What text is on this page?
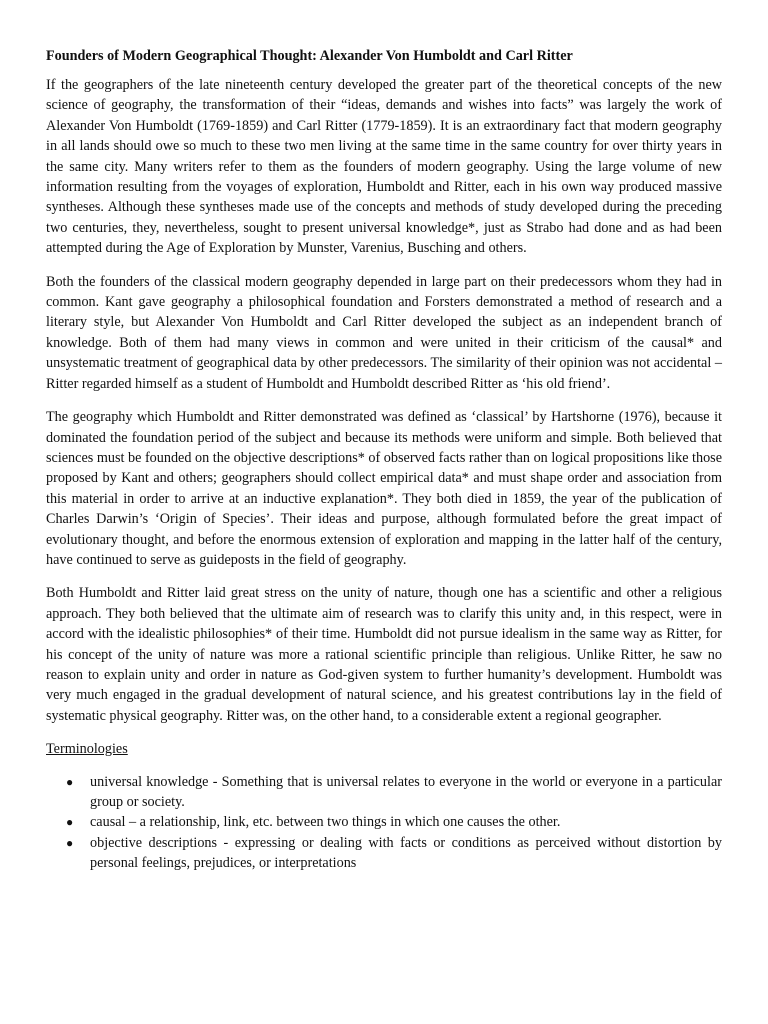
Founders of Modern Geographical Thought: Alexander Von Humboldt and Carl Ritter

If the geographers of the late nineteenth century developed the greater part of the theoretical concepts of the new science of geography, the transformation of their “ideas, demands and wishes into facts” was largely the work of Alexander Von Humboldt (1769-1859) and Carl Ritter (1779-1859). It is an extraordinary fact that modern geography in all lands should owe so much to these two men living at the same time in the same country for over thirty years in the same city. Many writers refer to them as the founders of modern geography. Using the large volume of new information resulting from the voyages of exploration, Humboldt and Ritter, each in his own way produced massive syntheses. Although these syntheses made use of the concepts and methods of study developed during the preceding two centuries, they, nevertheless, sought to present universal knowledge*, just as Strabo had done and as had been attempted during the Age of Exploration by Munster, Varenius, Busching and others.

Both the founders of the classical modern geography depended in large part on their predecessors whom they had in common. Kant gave geography a philosophical foundation and Forsters demonstrated a method of research and a literary style, but Alexander Von Humboldt and Carl Ritter developed the subject as an independent branch of knowledge. Both of them had many views in common and were united in their criticism of the causal* and unsystematic treatment of geographical data by other predecessors. The similarity of their opinion was not accidental – Ritter regarded himself as a student of Humboldt and Humboldt described Ritter as ‘his old friend’.

The geography which Humboldt and Ritter demonstrated was defined as ‘classical’ by Hartshorne (1976), because it dominated the foundation period of the subject and because its methods were uniform and simple. Both believed that sciences must be founded on the objective descriptions* of observed facts rather than on logical propositions like those proposed by Kant and others; geographers should collect empirical data* and must shape order and association from this material in order to arrive at an inductive explanation*. They both died in 1859, the year of the publication of Charles Darwin’s ‘Origin of Species’. Their ideas and purpose, although formulated before the great impact of evolutionary thought, and before the enormous extension of exploration and mapping in the latter half of the century, have continued to serve as guideposts in the field of geography.

Both Humboldt and Ritter laid great stress on the unity of nature, though one has a scientific and other a religious approach. They both believed that the ultimate aim of research was to clarify this unity and, in this respect, were in accord with the idealistic philosophies* of their time. Humboldt did not pursue idealism in the same way as Ritter, for his concept of the unity of nature was more a rational scientific principle than religious. Unlike Ritter, he saw no reason to explain unity and order in nature as God-given system to further humanity’s development. Humboldt was very much engaged in the gradual development of natural science, and his greatest contributions lay in the field of systematic physical geography. Ritter was, on the other hand, to a considerable extent a regional geographer.

Terminologies
● universal knowledge - Something that is universal relates to everyone in the world or everyone in a particular group or society.
● causal – a relationship, link, etc. between two things in which one causes the other.
● objective descriptions - expressing or dealing with facts or conditions as perceived without distortion by personal feelings, prejudices, or interpretations
